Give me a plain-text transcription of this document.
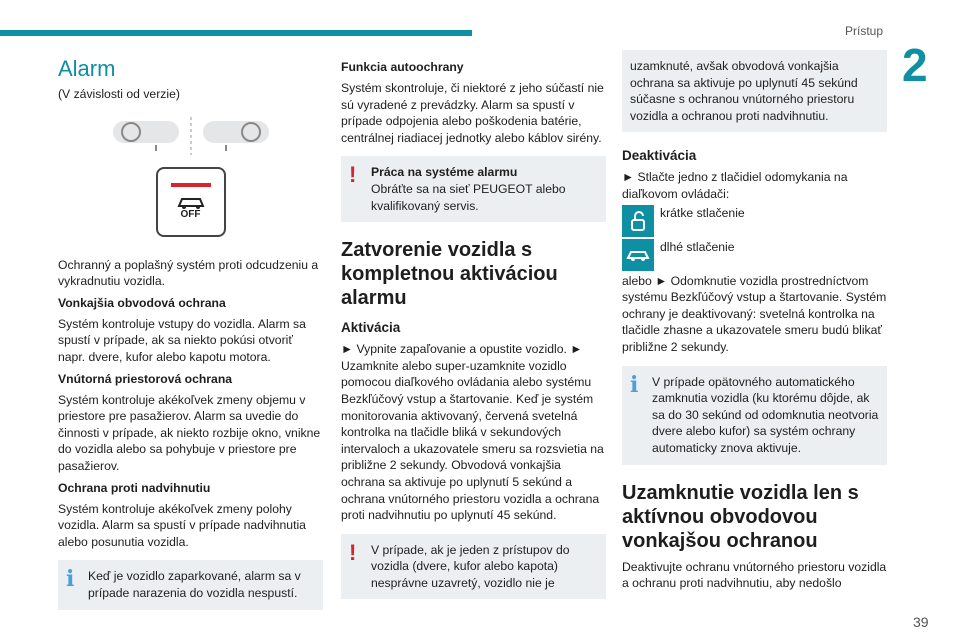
Prístup
2
39
Alarm

(V závislosti od verzie)

OFF

Ochranný a poplašný systém proti odcudzeniu a vykradnutiu vozidla.

Vonkajšia obvodová ochrana

Systém kontroluje vstupy do vozidla. Alarm sa spustí v prípade, ak sa niekto pokúsi otvoriť napr. dvere, kufor alebo kapotu motora.

Vnútorná priestorová ochrana

Systém kontroluje akékoľvek zmeny objemu v priestore pre pasažierov. Alarm sa uvedie do činnosti v prípade, ak niekto rozbije okno, vnikne do vozidla alebo sa pohybuje v priestore pre pasažierov.

Ochrana proti nadvihnutiu

Systém kontroluje akékoľvek zmeny polohy vozidla. Alarm sa spustí v prípade nadvihnutia alebo posunutia vozidla.

i	Keď je vozidlo zaparkované, alarm sa v prípade narazenia do vozidla nespustí.

Funkcia autoochrany

Systém skontroluje, či niektoré z jeho súčastí nie sú vyradené z prevádzky. Alarm sa spustí v prípade odpojenia alebo poškodenia batérie, centrálnej riadiacej jednotky alebo káblov sirény.

!	Práca na systéme alarmu

Obráťte sa na sieť PEUGEOT alebo kvalifikovaný servis.

Zatvorenie vozidla s kompletnou aktiváciou alarmu
Aktivácia

► Vypnite zapaľovanie a opustite vozidlo. ► Uzamknite alebo super-uzamknite vozidlo pomocou diaľkového ovládania alebo systému Bezkľúčový vstup a štartovanie. Keď je systém monitorovania aktivovaný, červená svetelná kontrolka na tlačidle bliká v sekundových intervaloch a ukazovatele smeru sa rozsvietia na približne 2 sekundy. Obvodová vonkajšia ochrana sa aktivuje po uplynutí 5 sekúnd a ochrana vnútorného priestoru vozidla a ochrana proti nadvihnutiu po uplynutí 45 sekúnd.

!	V prípade, ak je jeden z prístupov do vozidla (dvere, kufor alebo kapota) nesprávne uzavretý, vozidlo nie je

uzamknuté, avšak obvodová vonkajšia ochrana sa aktivuje po uplynutí 45 sekúnd súčasne s ochranou vnútorného priestoru vozidla a ochranou proti nadvihnutiu.

Deaktivácia

► Stlačte jedno z tlačidiel odomykania na diaľkovom ovládači:

krátke stlačenie

dlhé stlačenie

alebo ► Odomknutie vozidla prostredníctvom systému Bezkľúčový vstup a štartovanie. Systém ochrany je deaktivovaný: svetelná kontrolka na tlačidle zhasne a ukazovatele smeru budú blikať približne 2 sekundy.

i	V prípade opätovného automatického zamknutia vozidla (ku ktorému dôjde, ak sa do 30 sekúnd od odomknutia neotvoria dvere alebo kufor) sa systém ochrany automaticky znova aktivuje.

Uzamknutie vozidla len s aktívnou obvodovou vonkajšou ochranou

Deaktivujte ochranu vnútorného priestoru vozidla a ochranu proti nadvihnutiu, aby nedošlo
